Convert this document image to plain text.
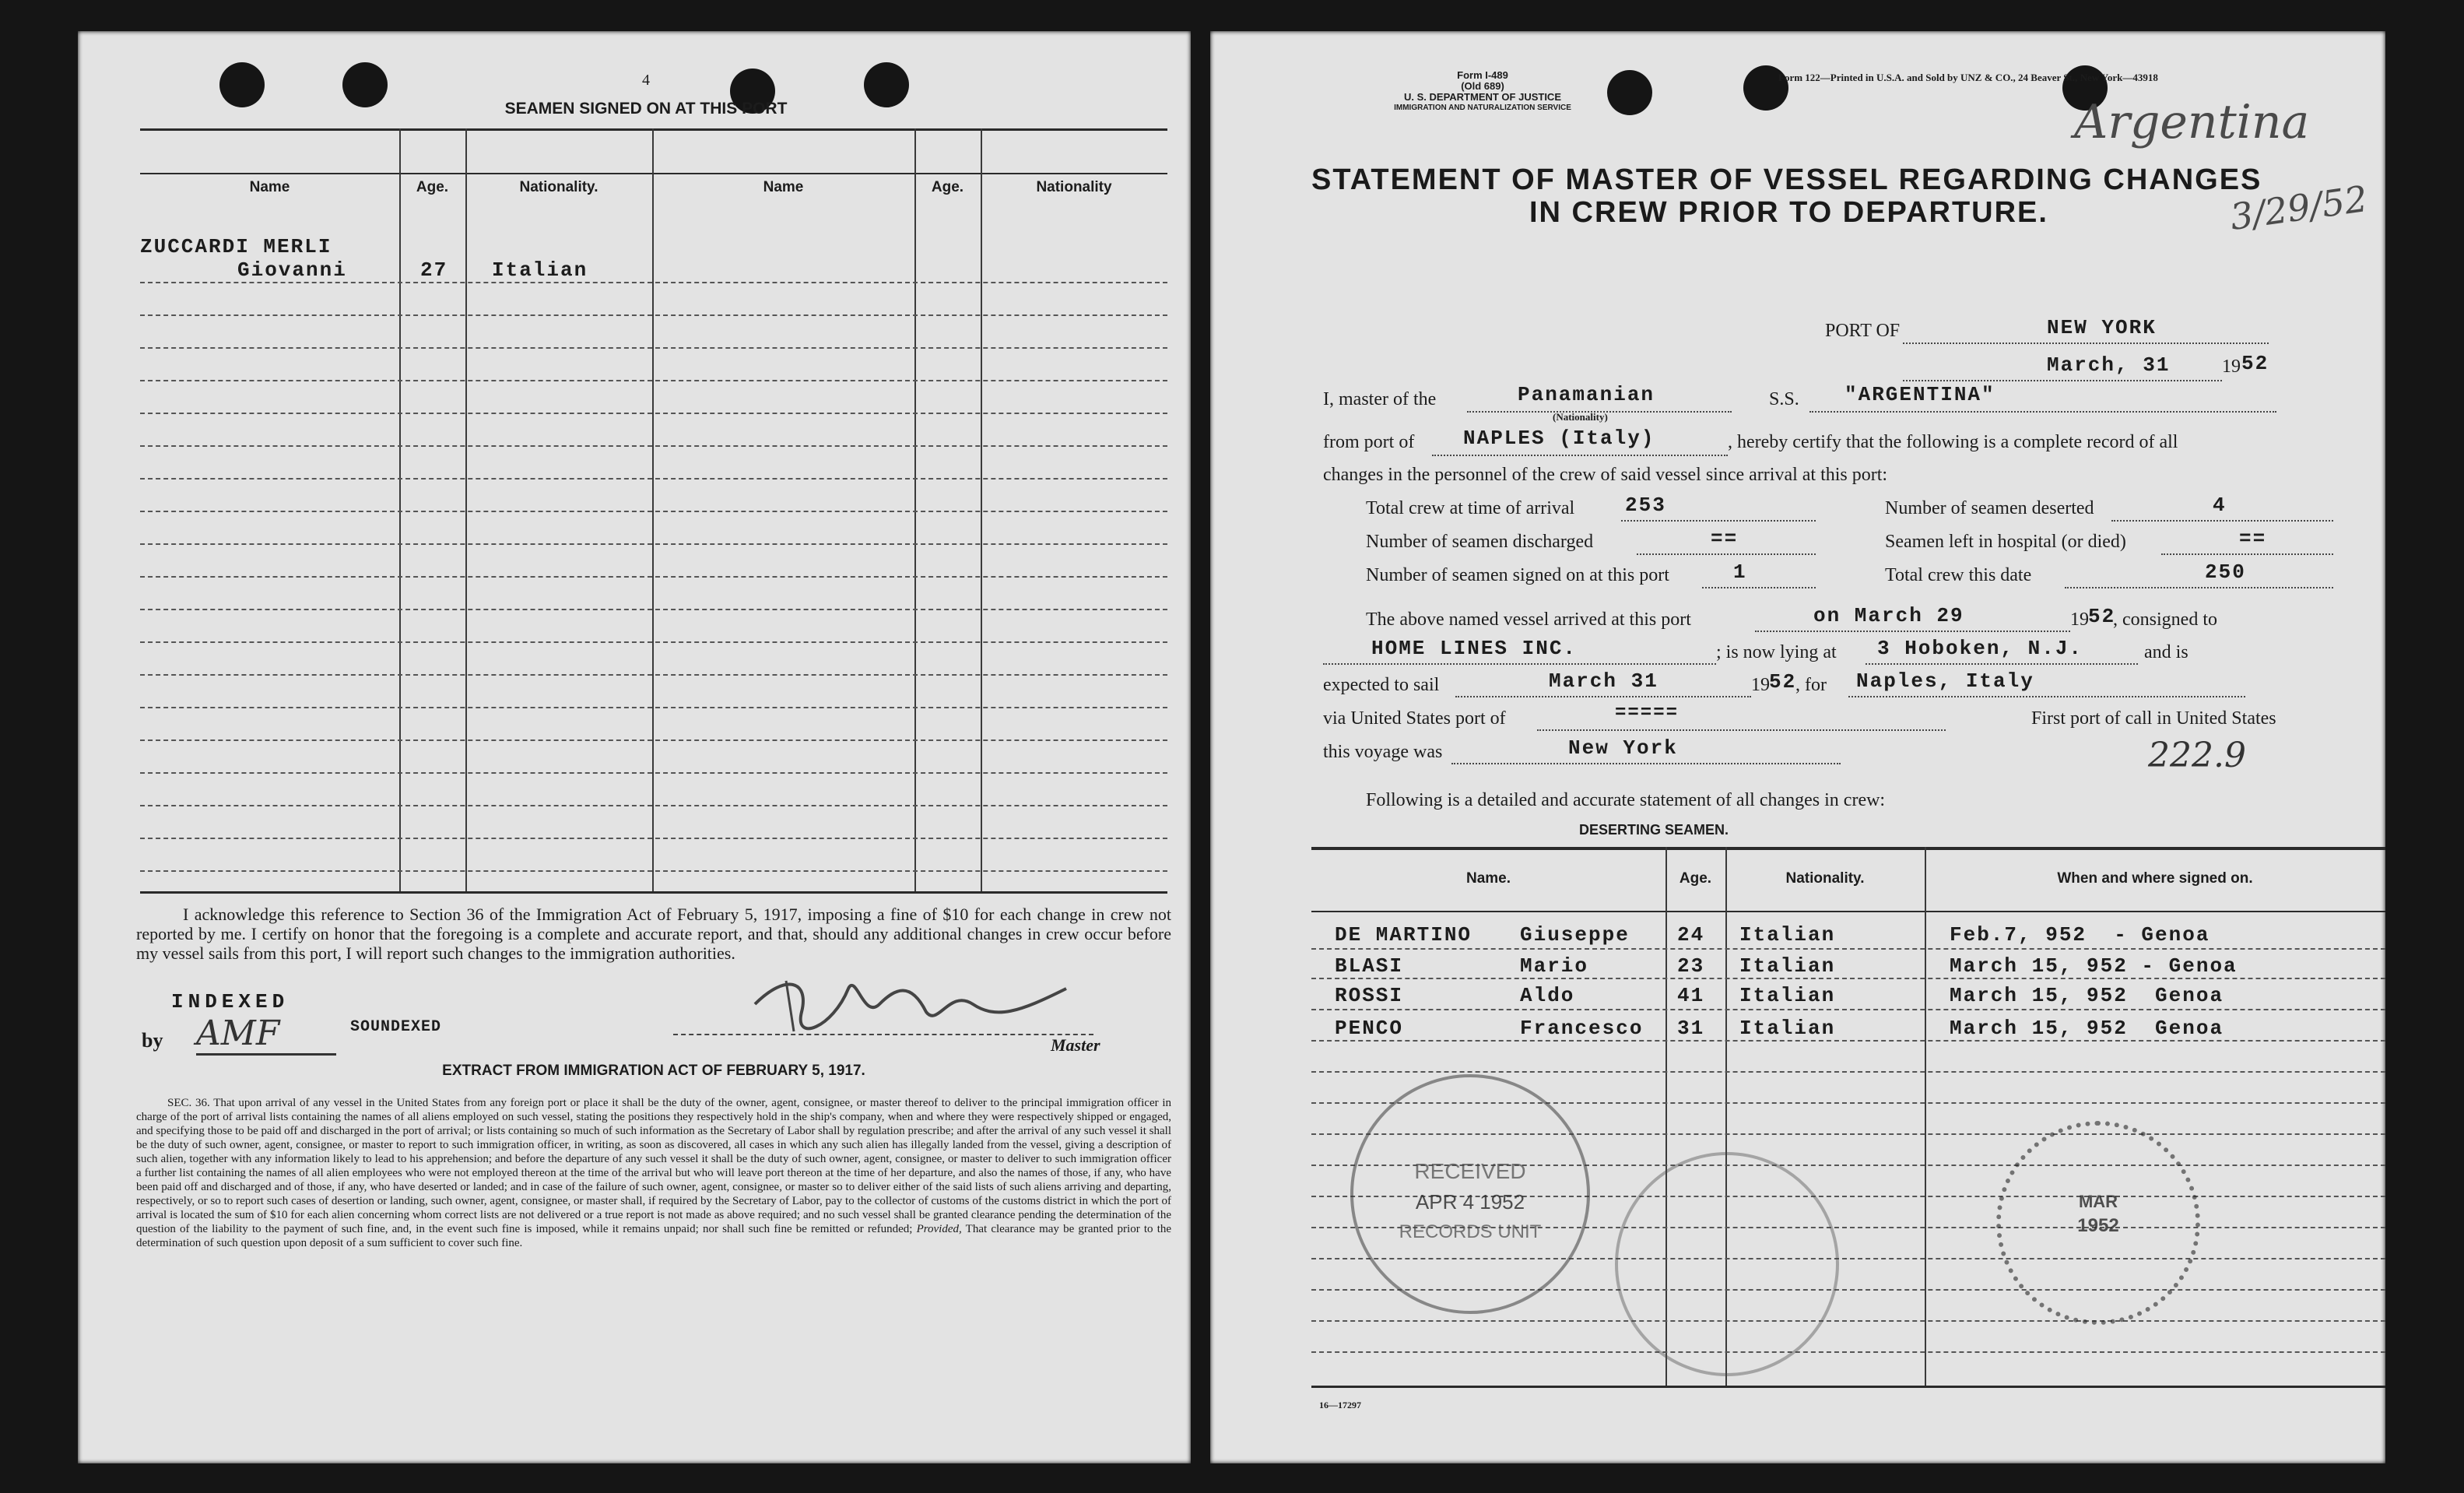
4
SEAMEN SIGNED ON AT THIS PORT
Name	Age.	Nationality.	Name	Age.	Nationality
ZUCCARDI MERLI
Giovanni	27 Italian
I acknowledge this reference to Section 36 of the Immigration Act of February 5, 1917, imposing a fine of $10 for each change in crew not reported by me. I certify on honor that the foregoing is a complete and accurate report, and that, should any additional changes in crew occur before my vessel sails from this port, I will report such changes to the immigration authorities.
INDEXED
by AMF	SOUNDEXED
Master
EXTRACT FROM IMMIGRATION ACT OF FEBRUARY 5, 1917.
SEC. 36. That upon arrival of any vessel in the United States from any foreign port or place it shall be the duty of the owner, agent, consignee, or master thereof to deliver to the principal immigration officer in charge of the port of arrival lists containing the names of all aliens employed on such vessel, stating the positions they respectively hold in the ship's company, when and where they were respectively shipped or engaged, and specifying those to be paid off and discharged in the port of arrival; or lists containing so much of such information as the Secretary of Labor shall by regulation prescribe; and after the arrival of any such vessel it shall be the duty of such owner, agent, consignee, or master to report to such immigration officer, in writing, as soon as discovered, all cases in which any such alien has illegally landed from the vessel, giving a description of such alien, together with any information likely to lead to his apprehension; and before the departure of any such vessel it shall be the duty of such owner, agent, consignee, or master to deliver to such immigration officer a further list containing the names of all alien employees who were not employed thereon at the time of the arrival but who will leave port thereon at the time of her departure, and also the names of those, if any, who have been paid off and discharged and of those, if any, who have deserted or landed; and in case of the failure of such owner, agent, consignee, or master so to deliver either of the said lists of such aliens arriving and departing, respectively, or so to report such cases of desertion or landing, such owner, agent, consignee, or master shall, if required by the Secretary of Labor, pay to the collector of customs of the customs district in which the port of arrival is located the sum of $10 for each alien concerning whom correct lists are not delivered or a true report is not made as above required; and no such vessel shall be granted clearance pending the determination of the question of the liability to the payment of such fine, and, in the event such fine is imposed, while it remains unpaid; nor shall such fine be remitted or refunded; Provided, That clearance may be granted prior to the determination of such question upon deposit of a sum sufficient to cover such fine.
Form I-489
(Old 689)
U. S. DEPARTMENT OF JUSTICE
IMMIGRATION AND NATURALIZATION SERVICE
Form 122—Printed in U.S.A. and Sold by UNZ & CO., 24 Beaver St., New York—43918
Argentina
3/29/52
STATEMENT OF MASTER OF VESSEL REGARDING CHANGES
IN CREW PRIOR TO DEPARTURE.
PORT OF	NEW YORK
March, 31	19 52
I, master of the	Panamanian
(Nationality)
S.S. "ARGENTINA"
from port of NAPLES (Italy)	, hereby certify that the following is a complete record of all
changes in the personnel of the crew of said vessel since arrival at this port:
Total crew at time of arrival 253	Number of seamen deserted	4
Number of seamen discharged	==	Seamen left in hospital (or died)	==
Number of seamen signed on at this port	1	Total crew this date	250
The above named vessel arrived at this port	on March 29	19 52
, consigned to
HOME LINES INC.	; is now lying at 3 Hoboken, N.J.	and is
expected to sail	March 31	19 52
, for Naples, Italy
via United States port of	=====	First port of call in United States
this voyage was	New York	222.9
Following is a detailed and accurate statement of all changes in crew:
DESERTING SEAMEN.
Name.	Age.	Nationality.	When and where signed on.
DE MARTINO Giuseppe 24 Italian	Feb.7, 952  - Genoa
BLASI	Mario	23 Italian	March 15, 952 - Genoa
ROSSI	Aldo	41 Italian	March 15, 952  Genoa
PENCO	Francesco 31 Italian	March 15, 952  Genoa
RECEIVED
APR 4 1952
RECORDS UNIT
MAR
1952
16—17297
